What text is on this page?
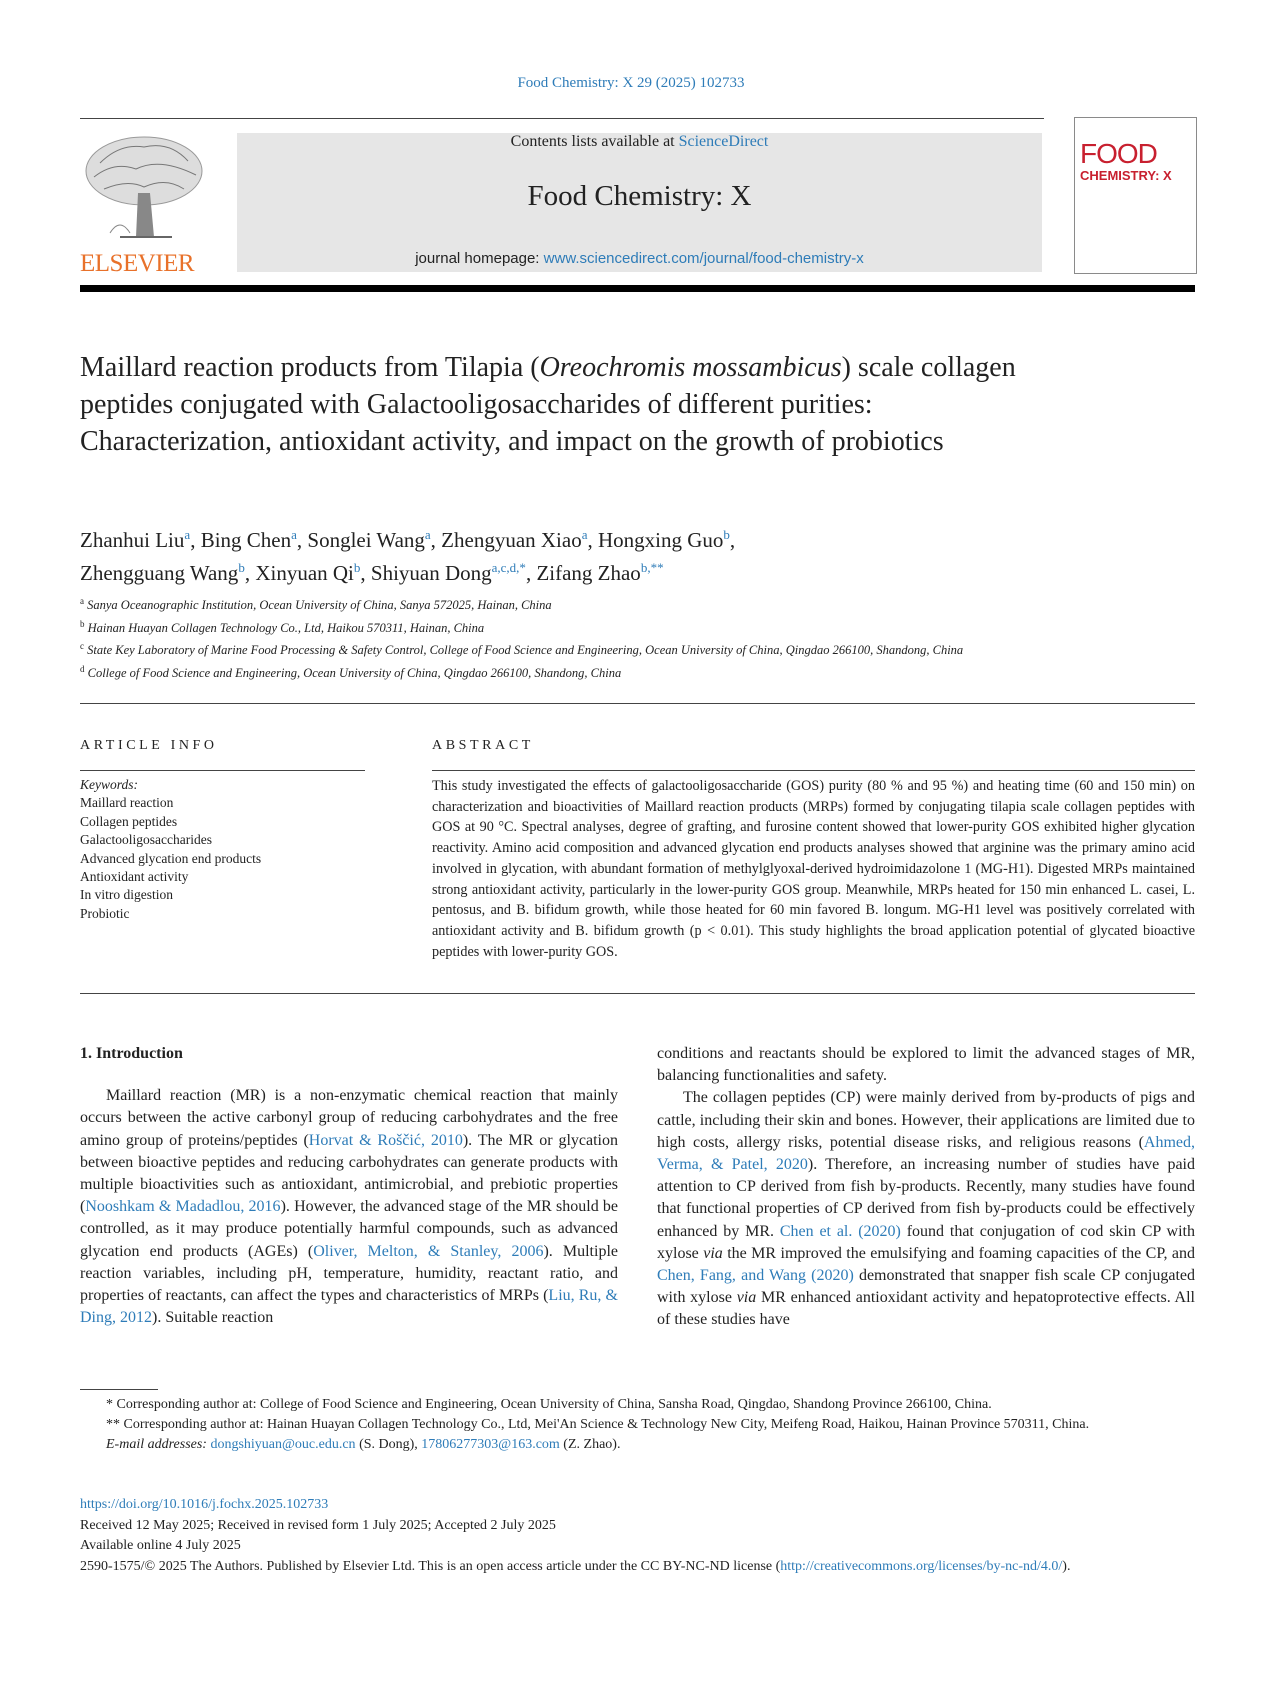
Food Chemistry: X 29 (2025) 102733
ELSEVIER
Contents lists available at ScienceDirect
Food Chemistry: X
journal homepage: www.sciencedirect.com/journal/food-chemistry-x
FOOD
CHEMISTRY: X
Maillard reaction products from Tilapia (Oreochromis mossambicus) scale collagen peptides conjugated with Galactooligosaccharides of different purities: Characterization, antioxidant activity, and impact on the growth of probiotics
Zhanhui Liu$^a$, Bing Chen$^a$, Songlei Wang$^a$, Zhengyuan Xiao$^a$, Hongxing Guo$^b$,
Zhengguang Wang$^b$, Xinyuan Qi$^b$, Shiyuan Dong$^{a,c,d,*}$, Zifang Zhao$^{b,**}$
$^a$ Sanya Oceanographic Institution, Ocean University of China, Sanya 572025, Hainan, China
$^b$ Hainan Huayan Collagen Technology Co., Ltd, Haikou 570311, Hainan, China
$^c$ State Key Laboratory of Marine Food Processing & Safety Control, College of Food Science and Engineering, Ocean University of China, Qingdao 266100, Shandong, China
$^d$ College of Food Science and Engineering, Ocean University of China, Qingdao 266100, Shandong, China
ARTICLE INFO	ABSTRACT
Keywords:
Maillard reaction
Collagen peptides
Galactooligosaccharides
Advanced glycation end products
Antioxidant activity
In vitro digestion
Probiotic
This study investigated the effects of galactooligosaccharide (GOS) purity (80 % and 95 %) and heating time (60 and 150 min) on characterization and bioactivities of Maillard reaction products (MRPs) formed by conjugating tilapia scale collagen peptides with GOS at 90 °C. Spectral analyses, degree of grafting, and furosine content showed that lower-purity GOS exhibited higher glycation reactivity. Amino acid composition and advanced glycation end products analyses showed that arginine was the primary amino acid involved in glycation, with abundant formation of methylglyoxal-derived hydroimidazolone 1 (MG-H1). Digested MRPs maintained strong antioxidant activity, particularly in the lower-purity GOS group. Meanwhile, MRPs heated for 150 min enhanced L. casei, L. pentosus, and B. bifidum growth, while those heated for 60 min favored B. longum. MG-H1 level was positively correlated with antioxidant activity and B. bifidum growth (p < 0.01). This study highlights the broad application potential of glycated bioactive peptides with lower-purity GOS.
1. Introduction

Maillard reaction (MR) is a non-enzymatic chemical reaction that mainly occurs between the active carbonyl group of reducing carbohydrates and the free amino group of proteins/peptides (Horvat & Roščić, 2010). The MR or glycation between bioactive peptides and reducing carbohydrates can generate products with multiple bioactivities such as antioxidant, antimicrobial, and prebiotic properties (Nooshkam & Madadlou, 2016). However, the advanced stage of the MR should be controlled, as it may produce potentially harmful compounds, such as advanced glycation end products (AGEs) (Oliver, Melton, & Stanley, 2006). Multiple reaction variables, including pH, temperature, humidity, reactant ratio, and properties of reactants, can affect the types and characteristics of MRPs (Liu, Ru, & Ding, 2012). Suitable reaction

conditions and reactants should be explored to limit the advanced stages of MR, balancing functionalities and safety.

The collagen peptides (CP) were mainly derived from by-products of pigs and cattle, including their skin and bones. However, their applications are limited due to high costs, allergy risks, potential disease risks, and religious reasons (Ahmed, Verma, & Patel, 2020). Therefore, an increasing number of studies have paid attention to CP derived from fish by-products. Recently, many studies have found that functional properties of CP derived from fish by-products could be effectively enhanced by MR. Chen et al. (2020) found that conjugation of cod skin CP with xylose via the MR improved the emulsifying and foaming capacities of the CP, and Chen, Fang, and Wang (2020) demonstrated that snapper fish scale CP conjugated with xylose via MR enhanced antioxidant activity and hepatoprotective effects. All of these studies have

* Corresponding author at: College of Food Science and Engineering, Ocean University of China, Sansha Road, Qingdao, Shandong Province 266100, China.

** Corresponding author at: Hainan Huayan Collagen Technology Co., Ltd, Mei'An Science & Technology New City, Meifeng Road, Haikou, Hainan Province 570311, China.

E-mail addresses: dongshiyuan@ouc.edu.cn (S. Dong), 17806277303@163.com (Z. Zhao).

https://doi.org/10.1016/j.fochx.2025.102733

Received 12 May 2025; Received in revised form 1 July 2025; Accepted 2 July 2025

Available online 4 July 2025

2590-1575/© 2025 The Authors. Published by Elsevier Ltd. This is an open access article under the CC BY-NC-ND license (http://creativecommons.org/licenses/by-nc-nd/4.0/).
